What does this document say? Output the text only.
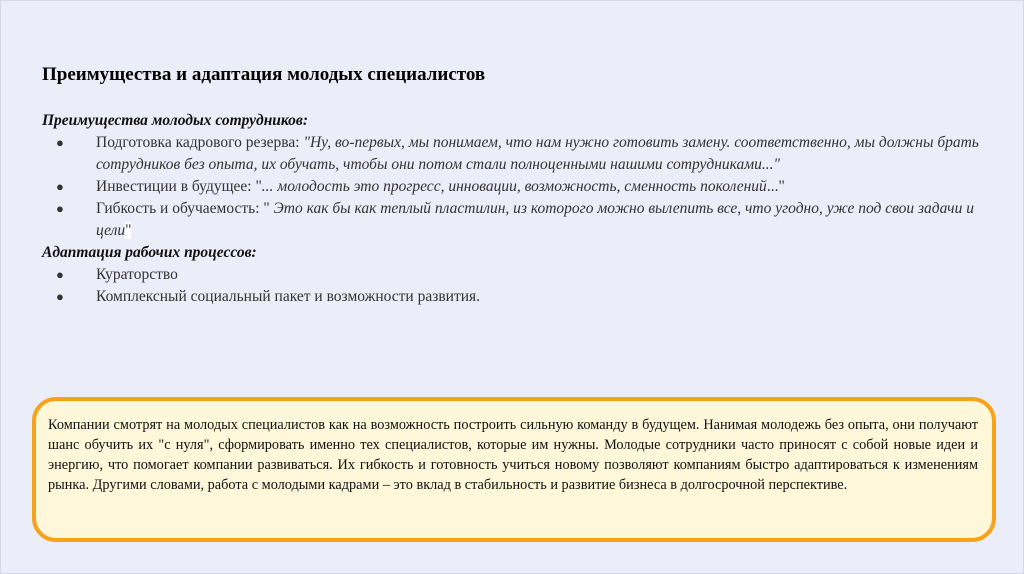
Преимущества и адаптация молодых специалистов
Преимущества молодых сотрудников:
● Подготовка кадрового резерва: "Ну, во-первых, мы понимаем, что нам нужно готовить замену. соответственно, мы должны брать сотрудников без опыта, их обучать, чтобы они потом стали полноценными нашими сотрудниками..."
● Инвестиции в будущее: "... молодость это прогресс, инновации, возможность, сменность поколений..."
● Гибкость и обучаемость: " Это как бы как теплый пластилин, из которого можно вылепить все, что угодно, уже под свои задачи и цели"
Адаптация рабочих процессов:
● Кураторство
● Комплексный социальный пакет и возможности развития.
Компании смотрят на молодых специалистов как на возможность построить сильную команду в будущем. Нанимая молодежь без опыта, они получают шанс обучить их "с нуля", сформировать именно тех специалистов, которые им нужны. Молодые сотрудники часто приносят с собой новые идеи и энергию, что помогает компании развиваться. Их гибкость и готовность учиться новому позволяют компаниям быстро адаптироваться к изменениям рынка. Другими словами, работа с молодыми кадрами – это вклад в стабильность и развитие бизнеса в долгосрочной перспективе.
